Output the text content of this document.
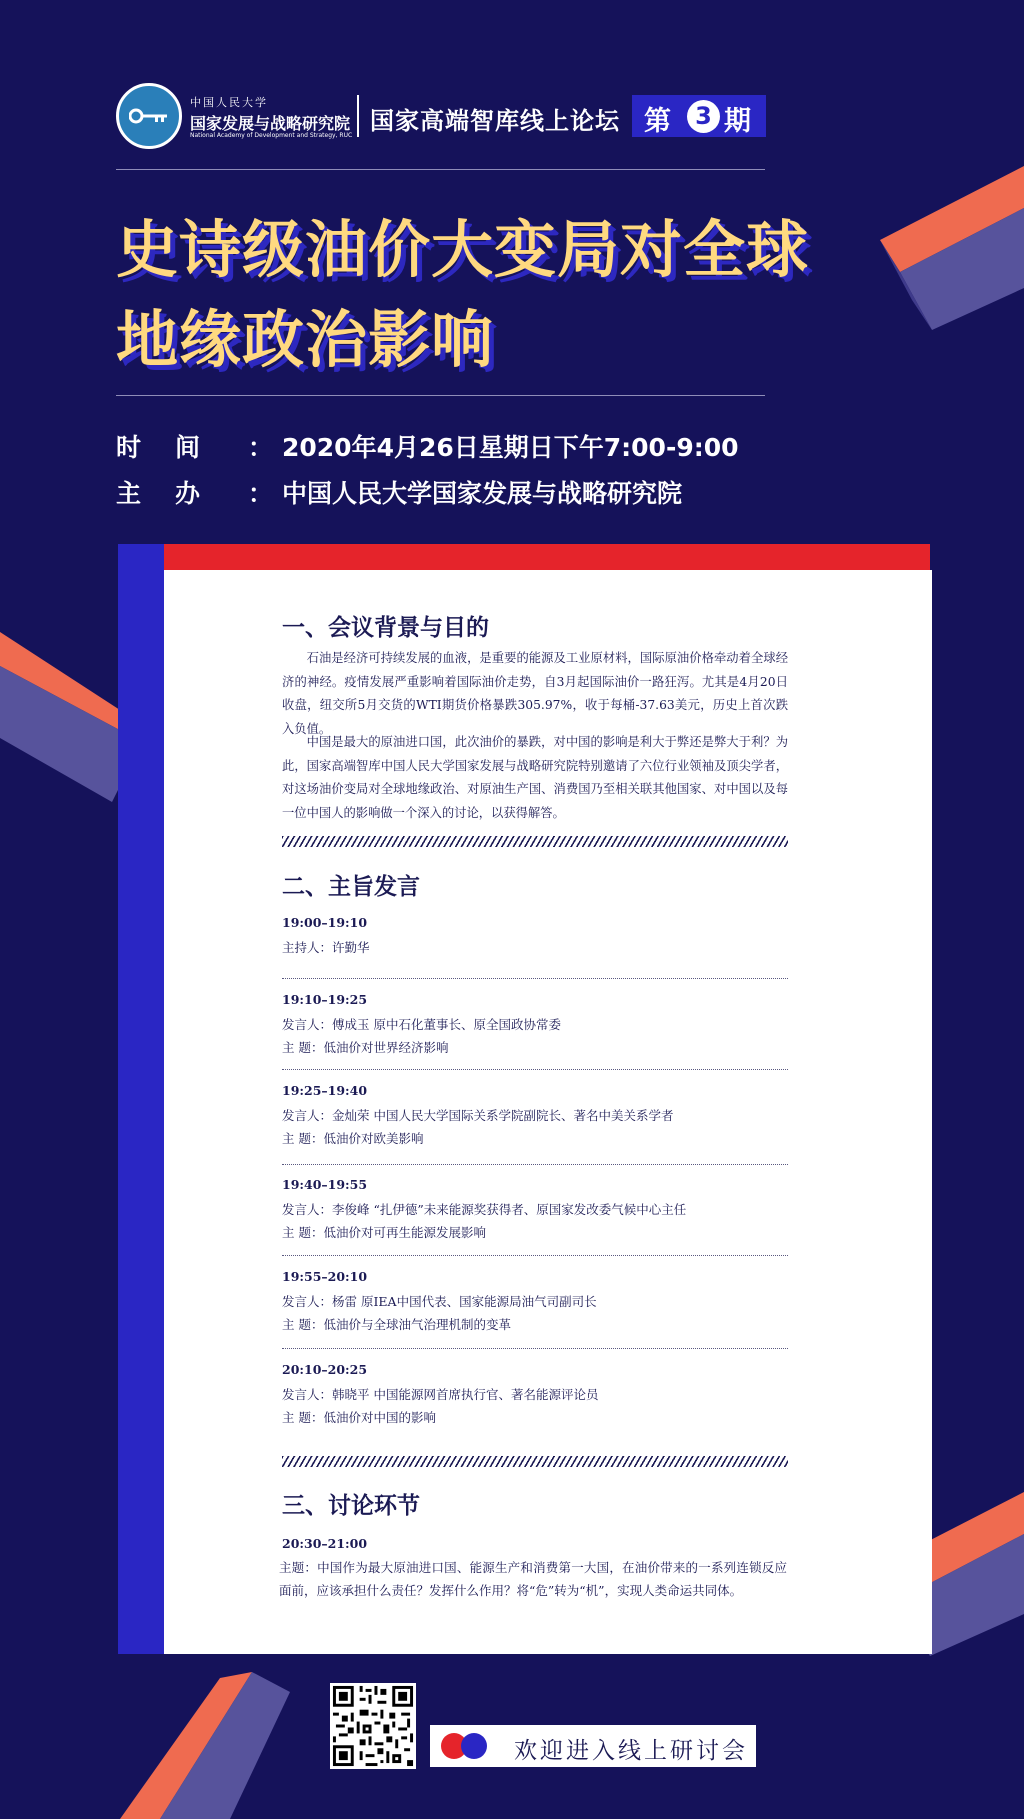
中国人民大学
国家发展与战略研究院
National Academy of Development and Strategy, RUC
国家高端智库线上论坛 第	3 期
史诗级油价大变局对全球
地缘政治影响
时间 ： 2020年4月26日星期日下午7:00-9:00
主办 ： 中国人民大学国家发展与战略研究院
一、会议背景与目的
石油是经济可持续发展的血液，是重要的能源及工业原材料，国际原油价格牵动着全球经济的神经。疫情发展严重影响着国际油价走势，自3月起国际油价一路狂泻。尤其是4月20日收盘，纽交所5月交货的WTI期货价格暴跌305.97%，收于每桶-37.63美元，历史上首次跌入负值。
中国是最大的原油进口国，此次油价的暴跌，对中国的影响是利大于弊还是弊大于利？为此，国家高端智库中国人民大学国家发展与战略研究院特别邀请了六位行业领袖及顶尖学者，对这场油价变局对全球地缘政治、对原油生产国、消费国乃至相关联其他国家、对中国以及每一位中国人的影响做一个深入的讨论，以获得解答。
二、主旨发言
19:00–19:10
主持人：许勤华
19:10–19:25
发言人：傅成玉 原中石化董事长、原全国政协常委
主 题：低油价对世界经济影响
19:25–19:40
发言人：金灿荣 中国人民大学国际关系学院副院长、著名中美关系学者
主 题：低油价对欧美影响
19:40–19:55
发言人：李俊峰 “扎伊德”未来能源奖获得者、原国家发改委气候中心主任
主 题：低油价对可再生能源发展影响
19:55–20:10
发言人：杨雷 原IEA中国代表、国家能源局油气司副司长
主 题：低油价与全球油气治理机制的变革
20:10–20:25
发言人：韩晓平 中国能源网首席执行官、著名能源评论员
主 题：低油价对中国的影响
三、讨论环节
20:30–21:00
主题：中国作为最大原油进口国、能源生产和消费第一大国，在油价带来的一系列连锁反应面前，应该承担什么责任？发挥什么作用？将“危”转为“机”，实现人类命运共同体。
欢迎进入线上研讨会
